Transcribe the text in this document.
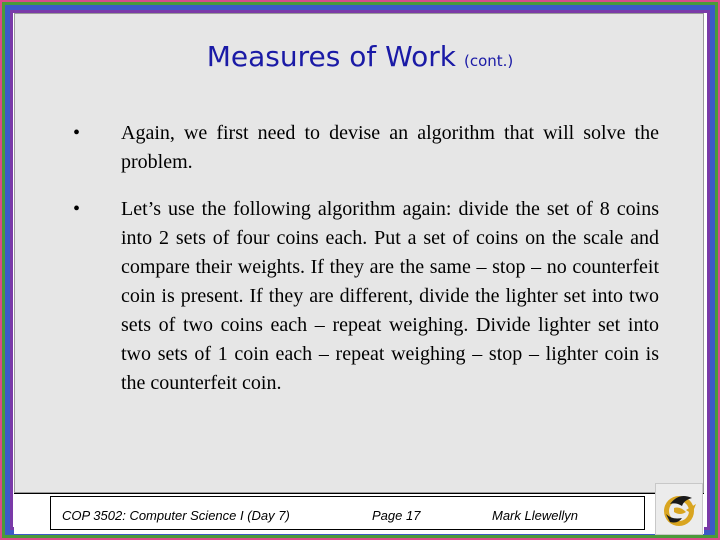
Measures of Work (cont.)
• Again, we first need to devise an algorithm that will solve the problem.
• Let’s use the following algorithm again: divide the set of 8 coins into 2 sets of four coins each. Put a set of coins on the scale and compare their weights. If they are the same – stop – no counterfeit coin is present. If they are different, divide the lighter set into two sets of two coins each – repeat weighing. Divide lighter set into two sets of 1 coin each – repeat weighing – stop – lighter coin is the counterfeit coin.
COP 3502: Computer Science I (Day 7)	Page 17	Mark Llewellyn
